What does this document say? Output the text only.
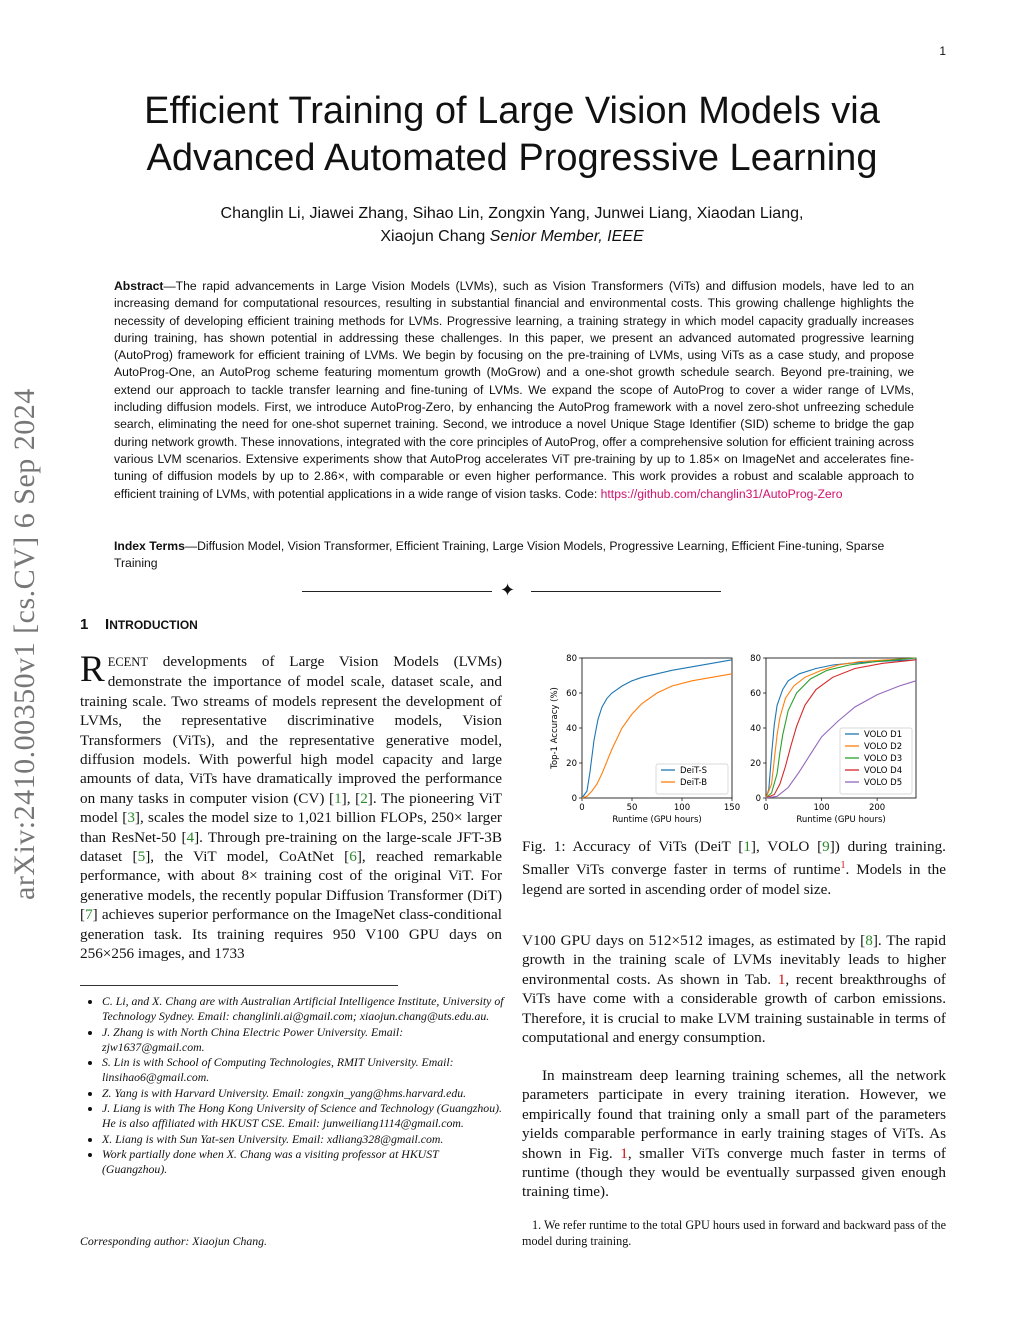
1
arXiv:2410.00350v1 [cs.CV] 6 Sep 2024
Efficient Training of Large Vision Models via
Advanced Automated Progressive Learning
Changlin Li, Jiawei Zhang, Sihao Lin, Zongxin Yang, Junwei Liang, Xiaodan Liang,
Xiaojun Chang Senior Member, IEEE
Abstract—The rapid advancements in Large Vision Models (LVMs), such as Vision Transformers (ViTs) and diffusion models, have led to an increasing demand for computational resources, resulting in substantial financial and environmental costs. This growing challenge highlights the necessity of developing efficient training methods for LVMs. Progressive learning, a training strategy in which model capacity gradually increases during training, has shown potential in addressing these challenges. In this paper, we present an advanced automated progressive learning (AutoProg) framework for efficient training of LVMs. We begin by focusing on the pre-training of LVMs, using ViTs as a case study, and propose AutoProg-One, an AutoProg scheme featuring momentum growth (MoGrow) and a one-shot growth schedule search. Beyond pre-training, we extend our approach to tackle transfer learning and fine-tuning of LVMs. We expand the scope of AutoProg to cover a wider range of LVMs, including diffusion models. First, we introduce AutoProg-Zero, by enhancing the AutoProg framework with a novel zero-shot unfreezing schedule search, eliminating the need for one-shot supernet training. Second, we introduce a novel Unique Stage Identifier (SID) scheme to bridge the gap during network growth. These innovations, integrated with the core principles of AutoProg, offer a comprehensive solution for efficient training across various LVM scenarios. Extensive experiments show that AutoProg accelerates ViT pre-training by up to 1.85× on ImageNet and accelerates fine-tuning of diffusion models by up to 2.86×, with comparable or even higher performance. This work provides a robust and scalable approach to efficient training of LVMs, with potential applications in a wide range of vision tasks. Code: https://github.com/changlin31/AutoProg-Zero
Index Terms—Diffusion Model, Vision Transformer, Efficient Training, Large Vision Models, Progressive Learning, Efficient Fine-tuning, Sparse Training
✦
1 INTRODUCTION
RECENT developments of Large Vision Models (LVMs) demonstrate the importance of model scale, dataset scale, and training scale. Two streams of models represent the development of LVMs, the representative discriminative models, Vision Transformers (ViTs), and the representative generative model, diffusion models. With powerful high model capacity and large amounts of data, ViTs have dramatically improved the performance on many tasks in computer vision (CV) [1], [2]. The pioneering ViT model [3], scales the model size to 1,021 billion FLOPs, 250× larger than ResNet-50 [4]. Through pre-training on the large-scale JFT-3B dataset [5], the ViT model, CoAtNet [6], reached remarkable performance, with about 8× training cost of the original ViT. For generative models, the recently popular Diffusion Transformer (DiT) [7] achieves superior performance on the ImageNet class-conditional generation task. Its training requires 950 V100 GPU days on 256×256 images, and 1733
• C. Li, and X. Chang are with Australian Artificial Intelligence Institute, University of Technology Sydney. Email: changlinli.ai@gmail.com; xiaojun.chang@uts.edu.au.
• J. Zhang is with North China Electric Power University. Email: zjw1637@gmail.com.
• S. Lin is with School of Computing Technologies, RMIT University. Email: linsihao6@gmail.com.
• Z. Yang is with Harvard University. Email: zongxin_yang@hms.harvard.edu.
• J. Liang is with The Hong Kong University of Science and Technology (Guangzhou). He is also affiliated with HKUST CSE. Email: junweiliang1114@gmail.com.
• X. Liang is with Sun Yat-sen University. Email: xdliang328@gmail.com.
• Work partially done when X. Chang was a visiting professor at HKUST (Guangzhou).
Corresponding author: Xiaojun Chang.
0
20
40
60
80
0	50	100	150
Runtime (GPU hours)
Top-1 Accuracy (%)
DeiT-S
DeiT-B
0
20
40
60
80
0	100	200
Runtime (GPU hours)
VOLO D1
VOLO D2
VOLO D3
VOLO D4
VOLO D5
Fig. 1: Accuracy of ViTs (DeiT [1], VOLO [9]) during training. Smaller ViTs converge faster in terms of runtime$^1$. Models in the legend are sorted in ascending order of model size.
V100 GPU days on 512×512 images, as estimated by [8]. The rapid growth in the training scale of LVMs inevitably leads to higher environmental costs. As shown in Tab. 1, recent breakthroughs of ViTs have come with a considerable growth of carbon emissions. Therefore, it is crucial to make LVM training sustainable in terms of computational and energy consumption.
In mainstream deep learning training schemes, all the network parameters participate in every training iteration. However, we empirically found that training only a small part of the parameters yields comparable performance in early training stages of ViTs. As shown in Fig. 1, smaller ViTs converge much faster in terms of runtime (though they would be eventually surpassed given enough training time).
1. We refer runtime to the total GPU hours used in forward and backward pass of the model during training.
